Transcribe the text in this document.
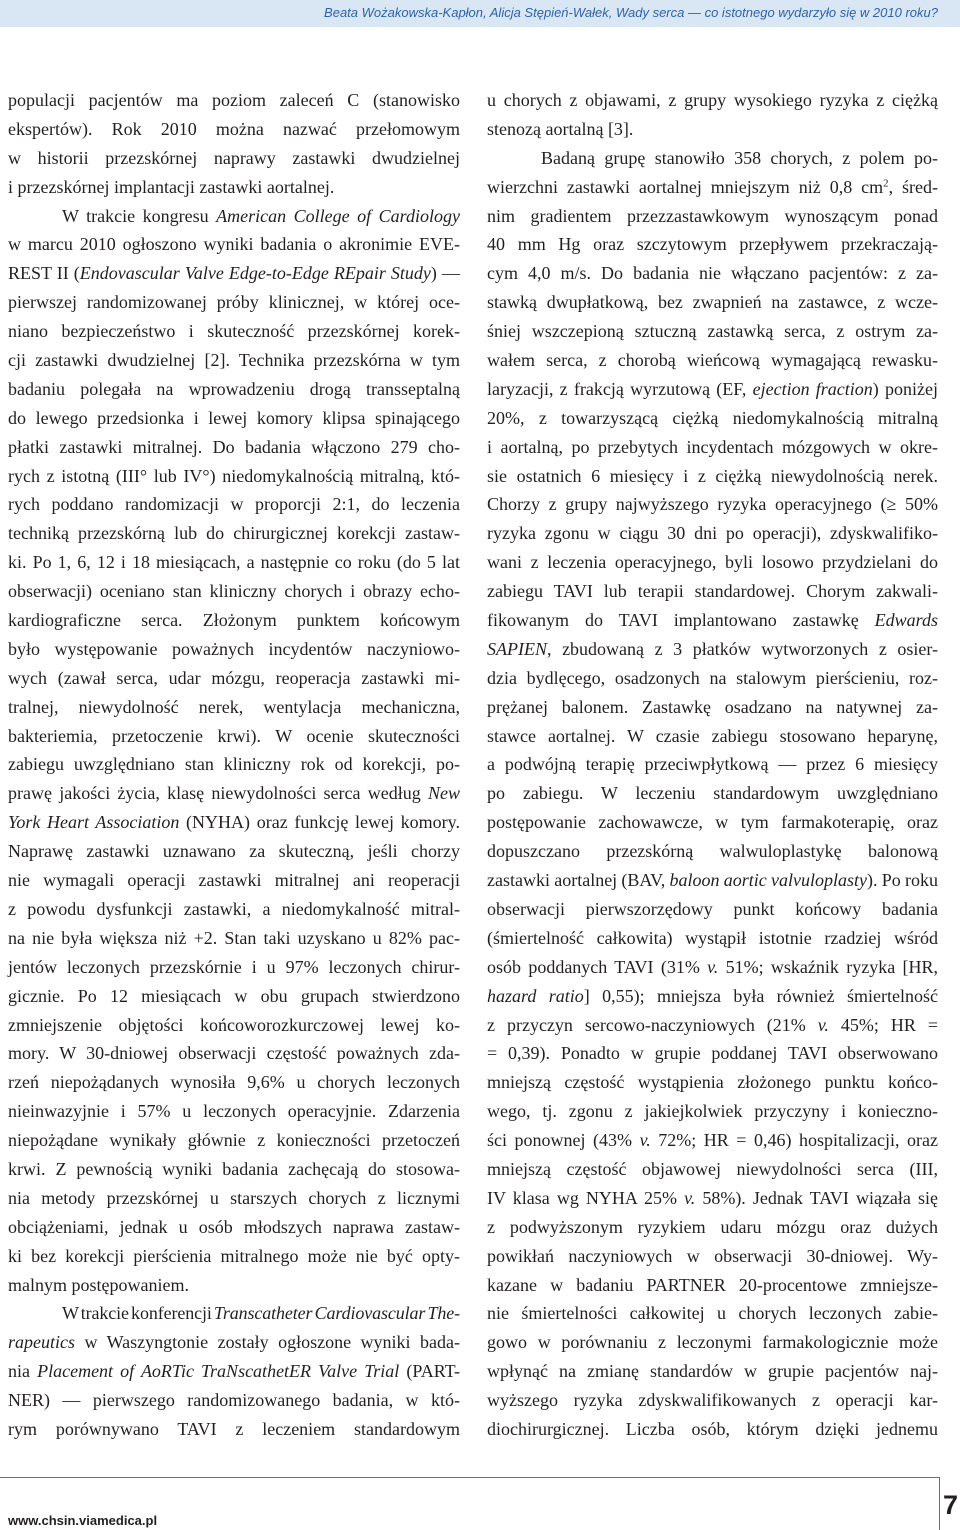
Beata Wożakowska-Kapłon, Alicja Stępień-Wałek, Wady serca — co istotnego wydarzyło się w 2010 roku?
populacji pacjentów ma poziom zaleceń C (stanowisko
ekspertów). Rok 2010 można nazwać przełomowym
w historii przezskórnej naprawy zastawki dwudzielnej
i przezskórnej implantacji zastawki aortalnej.
W trakcie kongresu American College of Cardiology
w marcu 2010 ogłoszono wyniki badania o akronimie EVE-
REST II (Endovascular Valve Edge-to-Edge REpair Study) —
pierwszej randomizowanej próby klinicznej, w której oce-
niano bezpieczeństwo i skuteczność przezskórnej korek-
cji zastawki dwudzielnej [2]. Technika przezskórna w tym
badaniu polegała na wprowadzeniu drogą transseptalną
do lewego przedsionka i lewej komory klipsa spinającego
płatki zastawki mitralnej. Do badania włączono 279 cho-
rych z istotną (III° lub IV°) niedomykalnością mitralną, któ-
rych poddano randomizacji w proporcji 2:1, do leczenia
techniką przezskórną lub do chirurgicznej korekcji zastaw-
ki. Po 1, 6, 12 i 18 miesiącach, a następnie co roku (do 5 lat
obserwacji) oceniano stan kliniczny chorych i obrazy echo-
kardiograficzne serca. Złożonym punktem końcowym
było występowanie poważnych incydentów naczyniowo-
wych (zawał serca, udar mózgu, reoperacja zastawki mi-
tralnej, niewydolność nerek, wentylacja mechaniczna,
bakteriemia, przetoczenie krwi). W ocenie skuteczności
zabiegu uwzględniano stan kliniczny rok od korekcji, po-
prawę jakości życia, klasę niewydolności serca według New
York Heart Association (NYHA) oraz funkcję lewej komory.
Naprawę zastawki uznawano za skuteczną, jeśli chorzy
nie wymagali operacji zastawki mitralnej ani reoperacji
z powodu dysfunkcji zastawki, a niedomykalność mitral-
na nie była większa niż +2. Stan taki uzyskano u 82% pac-
jentów leczonych przezskórnie i u 97% leczonych chirur-
gicznie. Po 12 miesiącach w obu grupach stwierdzono
zmniejszenie objętości końcoworozkurczowej lewej ko-
mory. W 30-dniowej obserwacji częstość poważnych zda-
rzeń niepożądanych wynosiła 9,6% u chorych leczonych
nieinwazyjnie i 57% u leczonych operacyjnie. Zdarzenia
niepożądane wynikały głównie z konieczności przetoczeń
krwi. Z pewnością wyniki badania zachęcają do stosowa-
nia metody przezskórnej u starszych chorych z licznymi
obciążeniami, jednak u osób młodszych naprawa zastaw-
ki bez korekcji pierścienia mitralnego może nie być opty-
malnym postępowaniem.
W trakcie konferencji Transcatheter Cardiovascular The-
rapeutics w Waszyngtonie zostały ogłoszone wyniki bada-
nia Placement of AoRTic TraNscathetER Valve Trial (PART-
NER) — pierwszego randomizowanego badania, w któ-
rym porównywano TAVI z leczeniem standardowym
u chorych z objawami, z grupy wysokiego ryzyka z ciężką
stenozą aortalną [3].
Badaną grupę stanowiło 358 chorych, z polem po-
wierzchni zastawki aortalnej mniejszym niż 0,8 $cm^2$, śred-
nim gradientem przezzastawkowym wynoszącym ponad
40 mm Hg oraz szczytowym przepływem przekraczają-
cym 4,0 m/s. Do badania nie włączano pacjentów: z za-
stawką dwupłatkową, bez zwapnień na zastawce, z wcze-
śniej wszczepioną sztuczną zastawką serca, z ostrym za-
wałem serca, z chorobą wieńcową wymagającą rewasku-
laryzacji, z frakcją wyrzutową (EF, ejection fraction) poniżej
20%, z towarzyszącą ciężką niedomykalnością mitralną
i aortalną, po przebytych incydentach mózgowych w okre-
sie ostatnich 6 miesięcy i z ciężką niewydolnością nerek.
Chorzy z grupy najwyższego ryzyka operacyjnego (≥ 50%
ryzyka zgonu w ciągu 30 dni po operacji), zdyskwalifiko-
wani z leczenia operacyjnego, byli losowo przydzielani do
zabiegu TAVI lub terapii standardowej. Chorym zakwali-
fikowanym do TAVI implantowano zastawkę Edwards
SAPIEN, zbudowaną z 3 płatków wytworzonych z osier-
dzia bydlęcego, osadzonych na stalowym pierścieniu, roz-
prężanej balonem. Zastawkę osadzano na natywnej za-
stawce aortalnej. W czasie zabiegu stosowano heparynę,
a podwójną terapię przeciwpłytkową — przez 6 miesięcy
po zabiegu. W leczeniu standardowym uwzględniano
postępowanie zachowawcze, w tym farmakoterapię, oraz
dopuszczano przezskórną walwuloplastykę balonową
zastawki aortalnej (BAV, baloon aortic valvuloplasty). Po roku
obserwacji pierwszorzędowy punkt końcowy badania
(śmiertelność całkowita) wystąpił istotnie rzadziej wśród
osób poddanych TAVI (31% v. 51%; wskaźnik ryzyka [HR,
hazard ratio] 0,55); mniejsza była również śmiertelność
z przyczyn sercowo-naczyniowych (21% v. 45%; HR =
= 0,39). Ponadto w grupie poddanej TAVI obserwowano
mniejszą częstość wystąpienia złożonego punktu końco-
wego, tj. zgonu z jakiejkolwiek przyczyny i konieczno-
ści ponownej (43% v. 72%; HR = 0,46) hospitalizacji, oraz
mniejszą częstość objawowej niewydolności serca (III,
IV klasa wg NYHA 25% v. 58%). Jednak TAVI wiązała się
z podwyższonym ryzykiem udaru mózgu oraz dużych
powikłań naczyniowych w obserwacji 30-dniowej. Wy-
kazane w badaniu PARTNER 20-procentowe zmniejsze-
nie śmiertelności całkowitej u chorych leczonych zabie-
gowo w porównaniu z leczonymi farmakologicznie może
wpłynąć na zmianę standardów w grupie pacjentów naj-
wyższego ryzyka zdyskwalifikowanych z operacji kar-
diochirurgicznej. Liczba osób, którym dzięki jednemu
www.chsin.viamedica.pl
7
